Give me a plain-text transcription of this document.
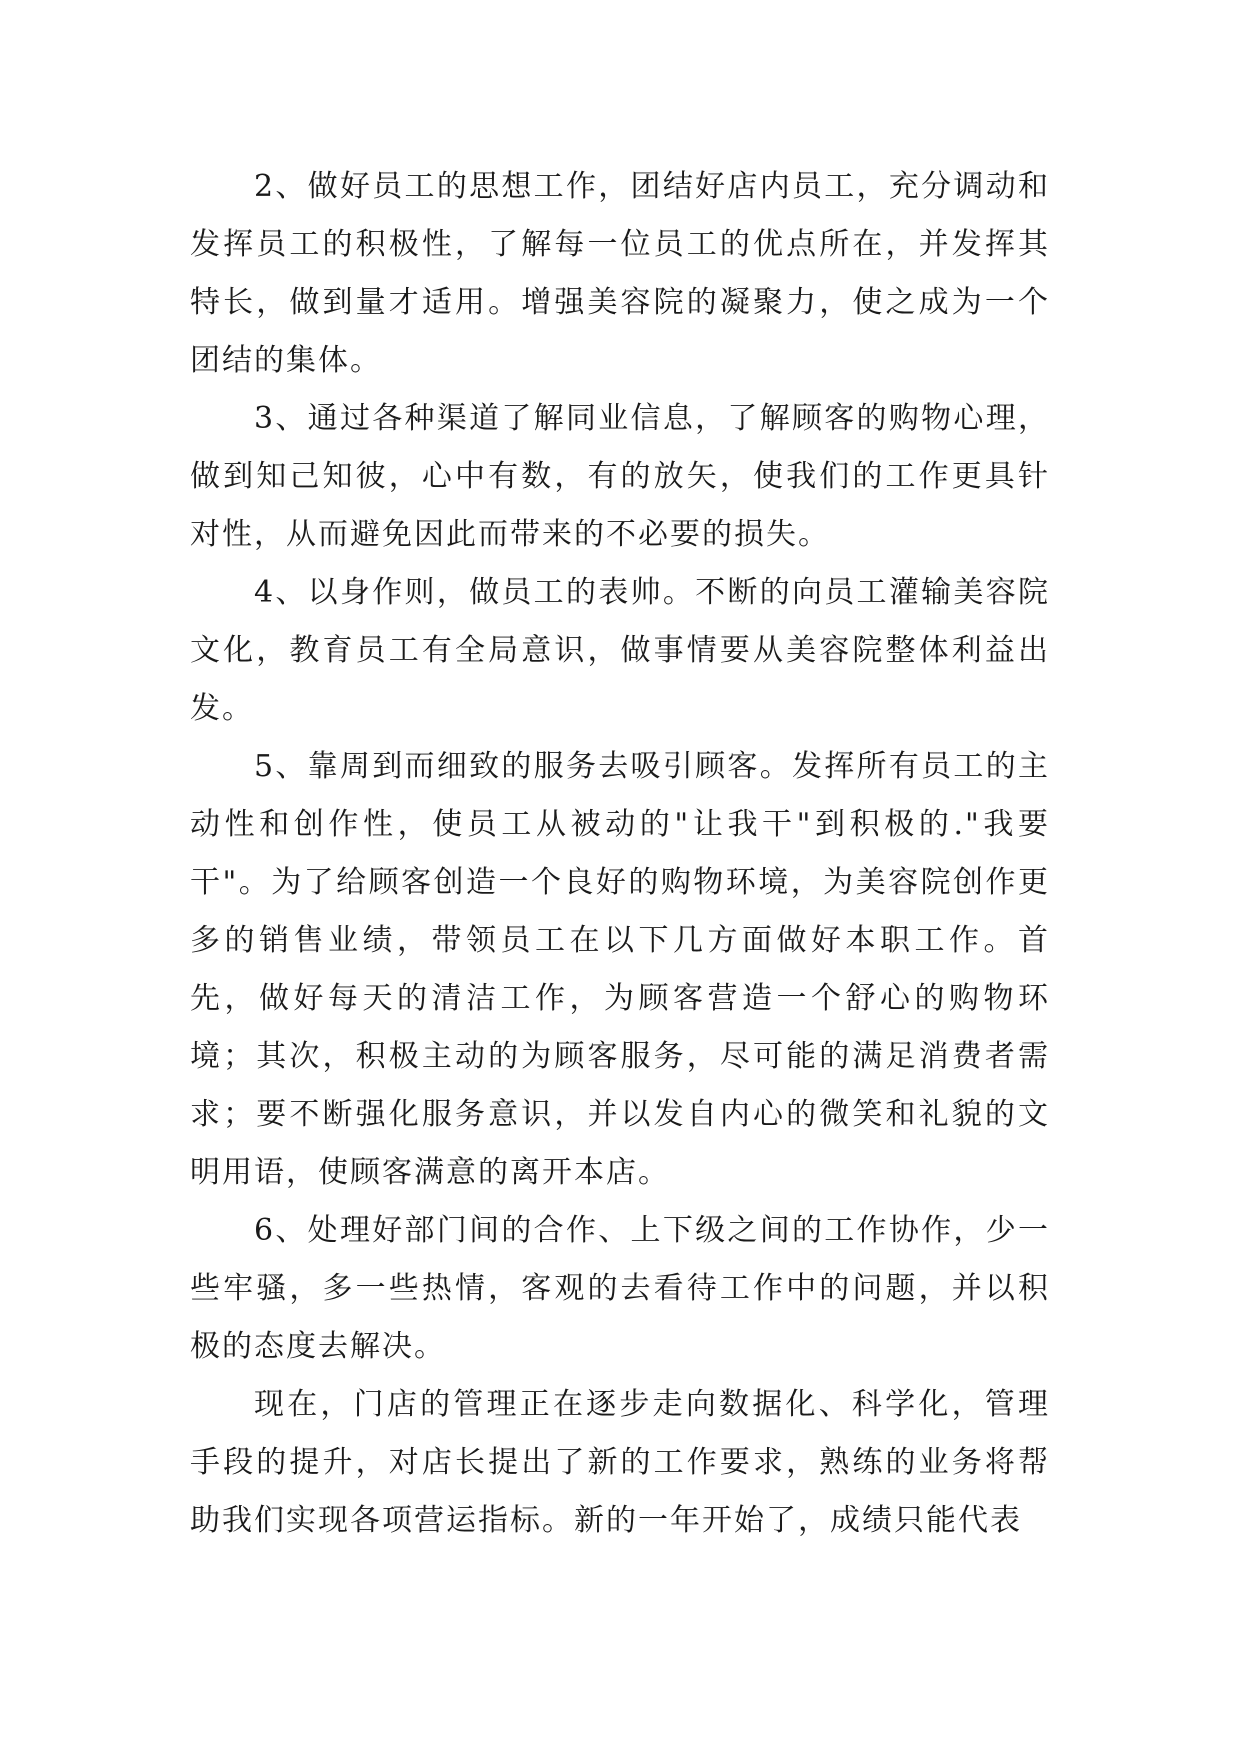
2、做好员工的思想工作，团结好店内员工，充分调动和发挥员工的积极性，了解每一位员工的优点所在，并发挥其特长，做到量才适用。增强美容院的凝聚力，使之成为一个团结的集体。

3、通过各种渠道了解同业信息，了解顾客的购物心理，做到知己知彼，心中有数，有的放矢，使我们的工作更具针对性，从而避免因此而带来的不必要的损失。

4、以身作则，做员工的表帅。不断的向员工灌输美容院文化，教育员工有全局意识，做事情要从美容院整体利益出发。

5、靠周到而细致的服务去吸引顾客。发挥所有员工的主动性和创作性，使员工从被动的"让我干"到积极的."我要干"。为了给顾客创造一个良好的购物环境，为美容院创作更多的销售业绩，带领员工在以下几方面做好本职工作。首先，做好每天的清洁工作，为顾客营造一个舒心的购物环境；其次，积极主动的为顾客服务，尽可能的满足消费者需求；要不断强化服务意识，并以发自内心的微笑和礼貌的文明用语，使顾客满意的离开本店。

6、处理好部门间的合作、上下级之间的工作协作，少一些牢骚，多一些热情，客观的去看待工作中的问题，并以积极的态度去解决。

现在，门店的管理正在逐步走向数据化、科学化，管理手段的提升，对店长提出了新的工作要求，熟练的业务将帮助我们实现各项营运指标。新的一年开始了，成绩只能代表
